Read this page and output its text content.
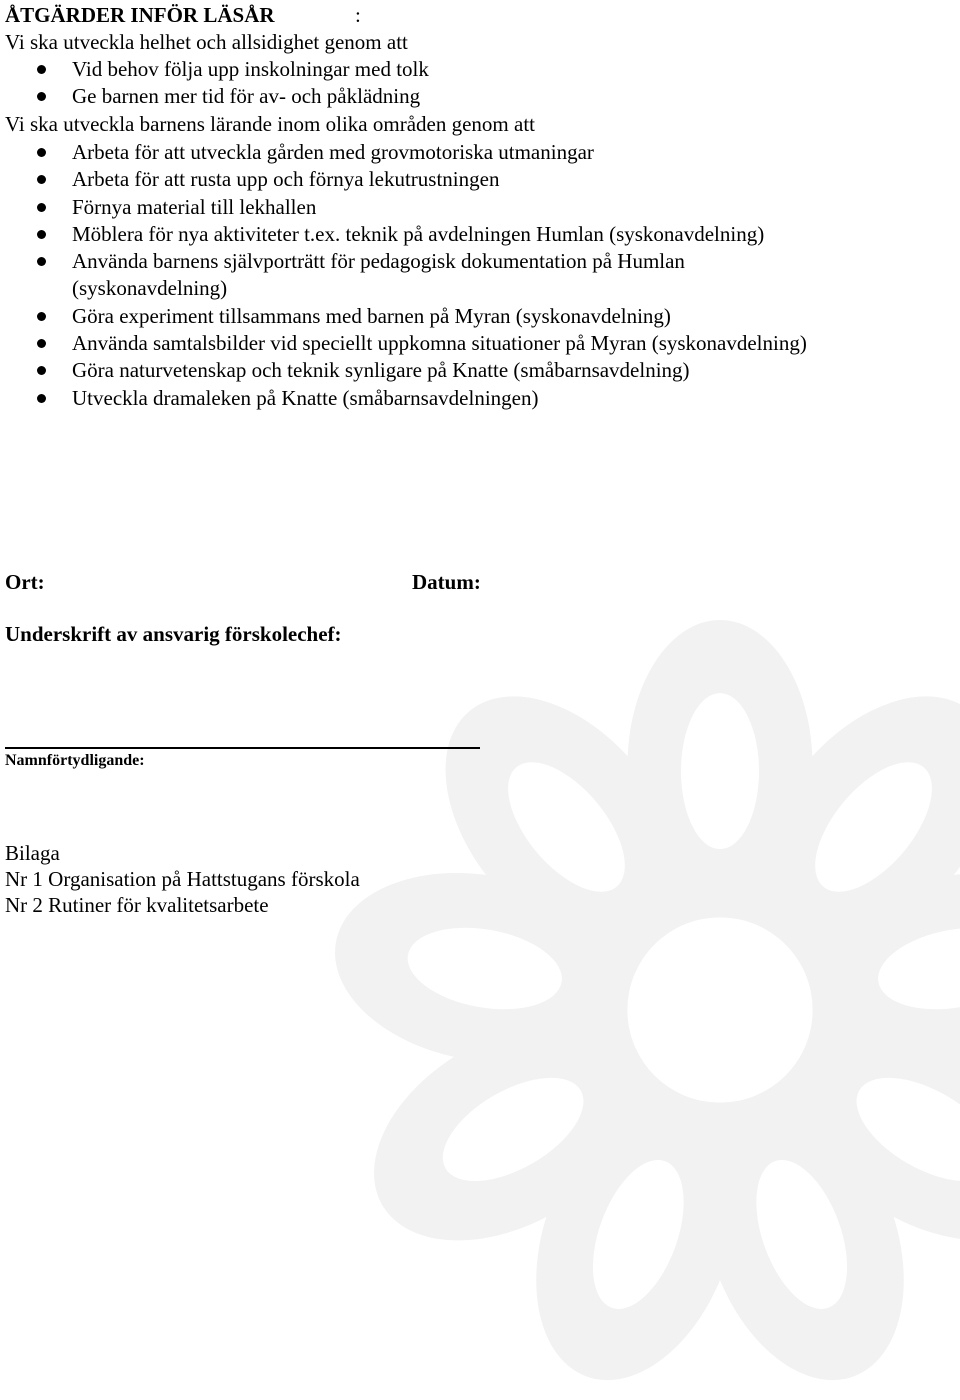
ÅTGÄRDER INFÖR LÄSÅR	:

Vi ska utveckla helhet och allsidighet genom att

Vid behov följa upp inskolningar med tolk
Ge barnen mer tid för av- och påklädning

Vi ska utveckla barnens lärande inom olika områden genom att

Arbeta för att utveckla gården med grovmotoriska utmaningar
Arbeta för att rusta upp och förnya lekutrustningen
Förnya material till lekhallen
Möblera för nya aktiviteter t.ex. teknik på avdelningen Humlan (syskonavdelning)
Använda barnens självporträtt för pedagogisk dokumentation på Humlan (syskonavdelning)
Göra experiment tillsammans med barnen på Myran (syskonavdelning)
Använda samtalsbilder vid speciellt uppkomna situationer på Myran (syskonavdelning)
Göra naturvetenskap och teknik synligare på Knatte (småbarnsavdelning)
Utveckla dramaleken på Knatte (småbarnsavdelningen)
Ort:	Datum:
Underskrift av ansvarig förskolechef:
Namnförtydligande:
Bilaga
Nr 1 Organisation på Hattstugans förskola
Nr 2 Rutiner för kvalitetsarbete
